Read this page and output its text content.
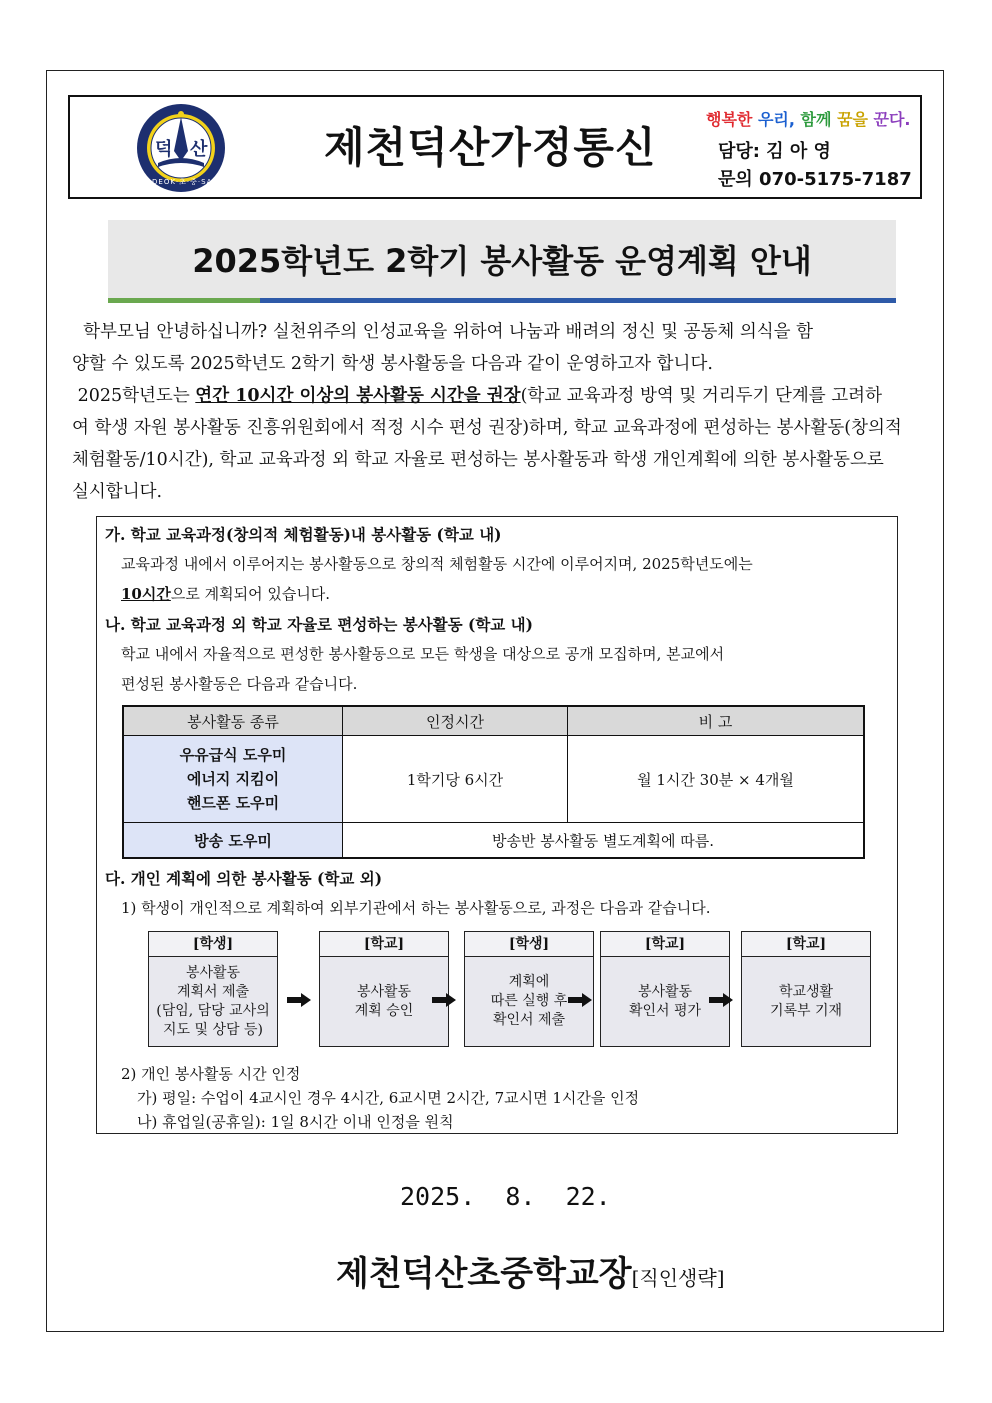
덕 산
DEOK·초·중·SAN
제천덕산가정통신
행복한 우리, 함께 꿈을 꾼다.
담당: 김 아 영
문의 070-5175-7187
2025학년도 2학기 봉사활동 운영계획 안내

학부모님 안녕하십니까? 실천위주의 인성교육을 위하여 나눔과 배려의 정신 및 공동체 의식을 함

양할 수 있도록 2025학년도 2학기 학생 봉사활동을 다음과 같이 운영하고자 합니다.

2025학년도는 연간 10시간 이상의 봉사활동 시간을 권장(학교 교육과정 방역 및 거리두기 단계를 고려하

여 학생 자원 봉사활동 진흥위원회에서 적정 시수 편성 권장)하며, 학교 교육과정에 편성하는 봉사활동(창의적

체험활동/10시간), 학교 교육과정 외 학교 자율로 편성하는 봉사활동과 학생 개인계획에 의한 봉사활동으로

실시합니다.

가. 학교 교육과정(창의적 체험활동)내 봉사활동 (학교 내)
교육과정 내에서 이루어지는 봉사활동으로 창의적 체험활동 시간에 이루어지며, 2025학년도에는
10시간으로 계획되어 있습니다.
나. 학교 교육과정 외 학교 자율로 편성하는 봉사활동 (학교 내)
학교 내에서 자율적으로 편성한 봉사활동으로 모든 학생을 대상으로 공개 모집하며, 본교에서
편성된 봉사활동은 다음과 같습니다.
봉사활동 종류	인정시간	비 고

우유급식 도우미
에너지 지킴이
핸드폰 도우미	1학기당 6시간	월 1시간 30분 × 4개월
방송 도우미	방송반 봉사활동 별도계획에 따름.	
다. 개인 계획에 의한 봉사활동 (학교 외)
1) 학생이 개인적으로 계획하여 외부기관에서 하는 봉사활동으로, 과정은 다음과 같습니다.
[학생]
봉사활동
계획서 제출
(담임, 담당 교사의
지도 및 상담 등)
[학교]
봉사활동
계획 승인
[학생]
계획에
따른 실행 후
확인서 제출
[학교]
봉사활동
확인서 평가
[학교]
학교생활
기록부 기재
2) 개인 봉사활동 시간 인정
가) 평일: 수업이 4교시인 경우 4시간, 6교시면 2시간, 7교시면 1시간을 인정
나) 휴업일(공휴일): 1일 8시간 이내 인정을 원칙
2025.  8.  22.
제천덕산초중학교장[직인생략]
